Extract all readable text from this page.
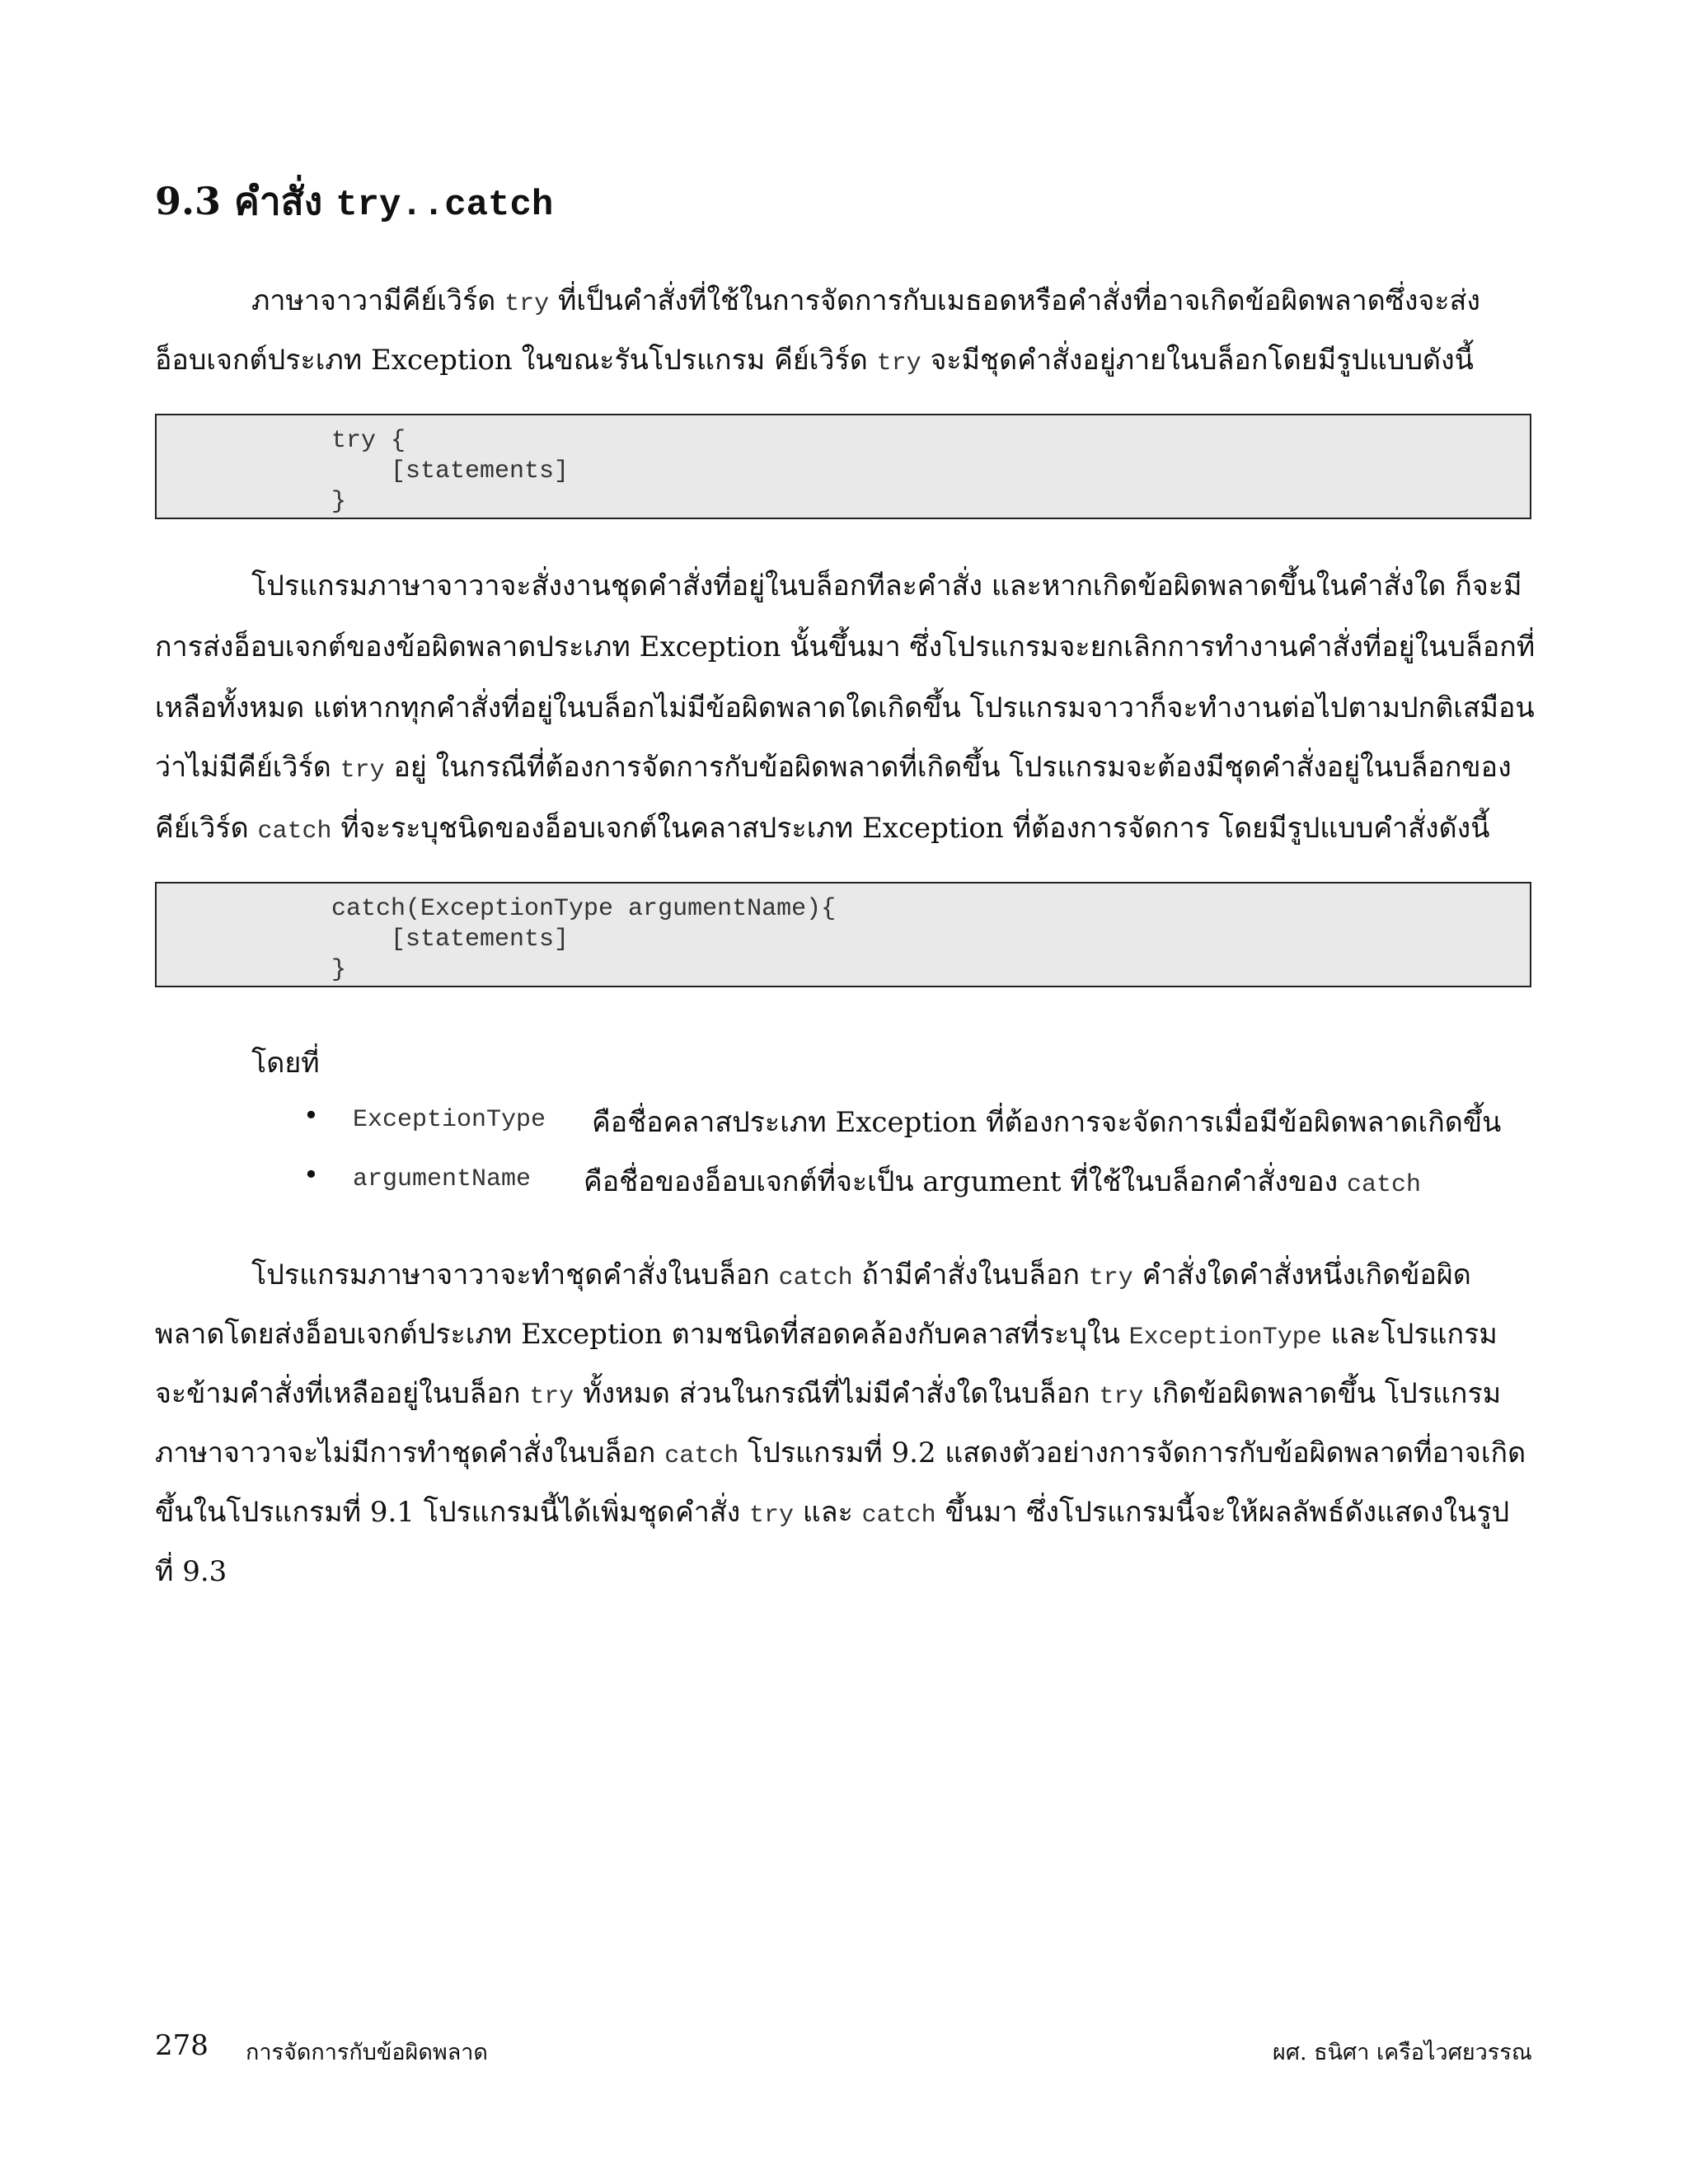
9.3 คำสั่ง try..catch
ภาษาจาวามีคีย์เวิร์ด try ที่เป็นคำสั่งที่ใช้ในการจัดการกับเมธอดหรือคำสั่งที่อาจเกิดข้อผิดพลาดซึ่งจะส่ง
อ็อบเจกต์ประเภท Exception ในขณะรันโปรแกรม คีย์เวิร์ด try จะมีชุดคำสั่งอยู่ภายในบล็อกโดยมีรูปแบบดังนี้
try {
[statements]
}
โปรแกรมภาษาจาวาจะสั่งงานชุดคำสั่งที่อยู่ในบล็อกทีละคำสั่ง และหากเกิดข้อผิดพลาดขึ้นในคำสั่งใด ก็จะมี
การส่งอ็อบเจกต์ของข้อผิดพลาดประเภท Exception นั้นขึ้นมา ซึ่งโปรแกรมจะยกเลิกการทำงานคำสั่งที่อยู่ในบล็อกที่
เหลือทั้งหมด แต่หากทุกคำสั่งที่อยู่ในบล็อกไม่มีข้อผิดพลาดใดเกิดขึ้น โปรแกรมจาวาก็จะทำงานต่อไปตามปกติเสมือน
ว่าไม่มีคีย์เวิร์ด try อยู่ ในกรณีที่ต้องการจัดการกับข้อผิดพลาดที่เกิดขึ้น โปรแกรมจะต้องมีชุดคำสั่งอยู่ในบล็อกของ
คีย์เวิร์ด catch ที่จะระบุชนิดของอ็อบเจกต์ในคลาสประเภท Exception ที่ต้องการจัดการ โดยมีรูปแบบคำสั่งดังนี้
catch(ExceptionType argumentName){
[statements]
}
โดยที่
• ExceptionType คือชื่อคลาสประเภท Exception ที่ต้องการจะจัดการเมื่อมีข้อผิดพลาดเกิดขึ้น
• argumentName คือชื่อของอ็อบเจกต์ที่จะเป็น argument ที่ใช้ในบล็อกคำสั่งของ catch
โปรแกรมภาษาจาวาจะทำชุดคำสั่งในบล็อก catch ถ้ามีคำสั่งในบล็อก try คำสั่งใดคำสั่งหนึ่งเกิดข้อผิด
พลาดโดยส่งอ็อบเจกต์ประเภท Exception ตามชนิดที่สอดคล้องกับคลาสที่ระบุใน ExceptionType และโปรแกรม
จะข้ามคำสั่งที่เหลืออยู่ในบล็อก try ทั้งหมด ส่วนในกรณีที่ไม่มีคำสั่งใดในบล็อก try เกิดข้อผิดพลาดขึ้น โปรแกรม
ภาษาจาวาจะไม่มีการทำชุดคำสั่งในบล็อก catch โปรแกรมที่ 9.2 แสดงตัวอย่างการจัดการกับข้อผิดพลาดที่อาจเกิด
ขึ้นในโปรแกรมที่ 9.1 โปรแกรมนี้ได้เพิ่มชุดคำสั่ง try และ catch ขึ้นมา ซึ่งโปรแกรมนี้จะให้ผลลัพธ์ดังแสดงในรูป
ที่ 9.3
278 การจัดการกับข้อผิดพลาด	ผศ. ธนิศา เครือไวศยวรรณ
